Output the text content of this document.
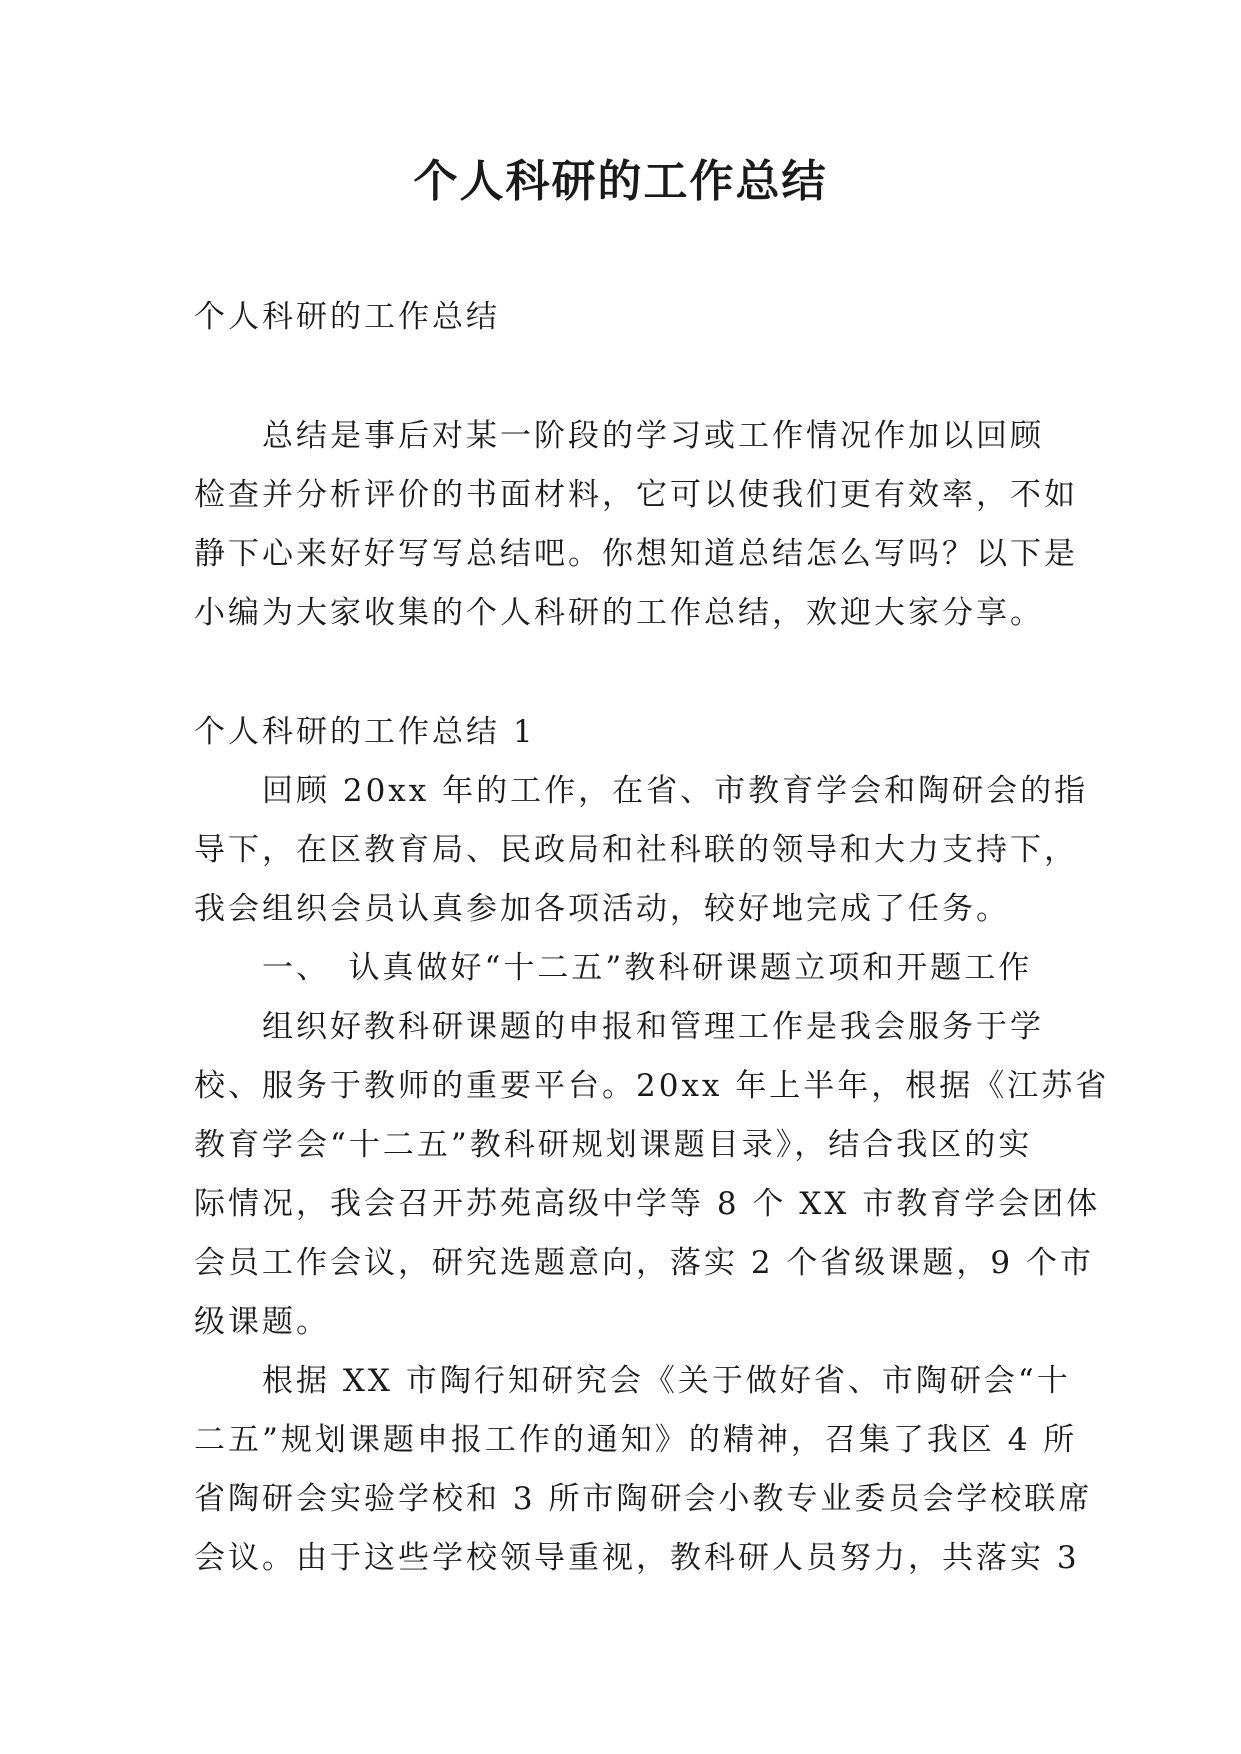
个人科研的工作总结
个人科研的工作总结
总结是事后对某一阶段的学习或工作情况作加以回顾
检查并分析评价的书面材料，它可以使我们更有效率，不如
静下心来好好写写总结吧。你想知道总结怎么写吗？以下是
小编为大家收集的个人科研的工作总结，欢迎大家分享。
个人科研的工作总结 1
回顾 20xx 年的工作，在省、市教育学会和陶研会的指
导下，在区教育局、民政局和社科联的领导和大力支持下，
我会组织会员认真参加各项活动，较好地完成了任务。
一、　认真做好“十二五”教科研课题立项和开题工作
组织好教科研课题的申报和管理工作是我会服务于学
校、服务于教师的重要平台。20xx 年上半年，根据《江苏省
教育学会“十二五”教科研规划课题目录》，结合我区的实
际情况，我会召开苏苑高级中学等 8 个 XX 市教育学会团体
会员工作会议，研究选题意向，落实 2 个省级课题，9 个市
级课题。
根据 XX 市陶行知研究会《关于做好省、市陶研会“十
二五”规划课题申报工作的通知》的精神，召集了我区 4 所
省陶研会实验学校和 3 所市陶研会小教专业委员会学校联席
会议。由于这些学校领导重视，教科研人员努力，共落实 3
